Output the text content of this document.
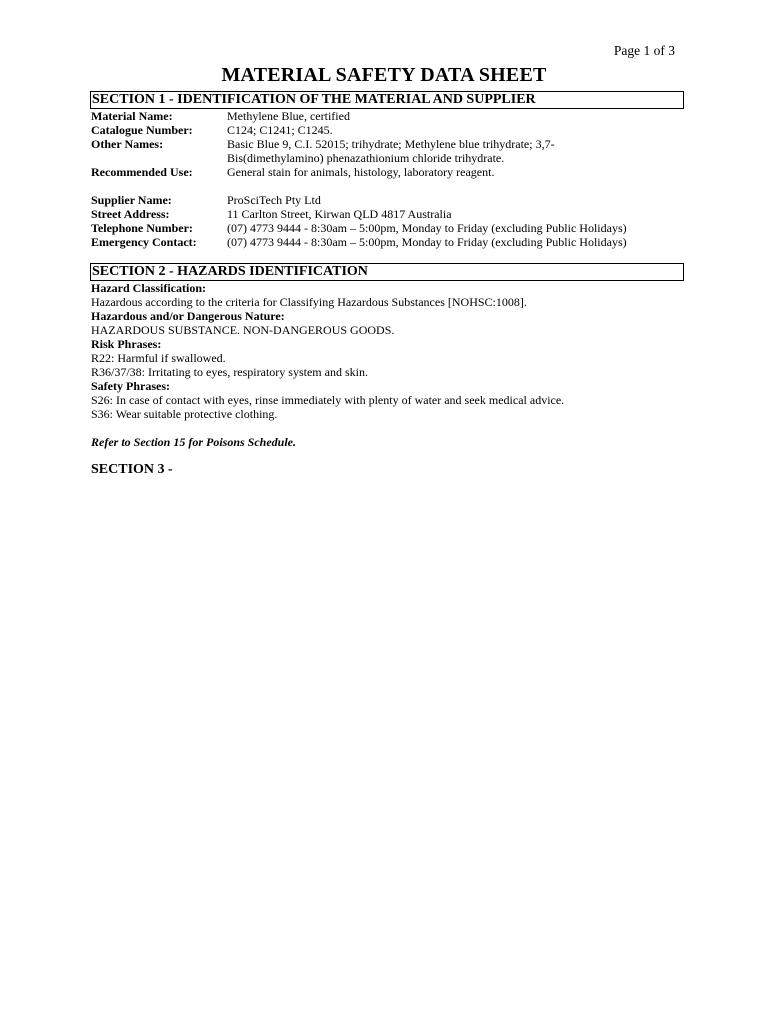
Page 1 of 3
MATERIAL SAFETY DATA SHEET
SECTION 1 - IDENTIFICATION OF THE MATERIAL AND SUPPLIER
Material Name:	Methylene Blue, certified
Catalogue Number:	C124; C1241; C1245.
Other Names:	Basic Blue 9, C.I. 52015; trihydrate; Methylene blue trihydrate; 3,7-
Bis(dimethylamino) phenazathionium chloride trihydrate.
Recommended Use:	General stain for animals, histology, laboratory reagent.
Supplier Name:	ProSciTech Pty Ltd
Street Address:	11 Carlton Street, Kirwan QLD 4817 Australia
Telephone Number:	(07) 4773 9444 - 8:30am – 5:00pm, Monday to Friday (excluding Public Holidays)
Emergency Contact:	(07) 4773 9444 - 8:30am – 5:00pm, Monday to Friday (excluding Public Holidays)
SECTION 2 - HAZARDS IDENTIFICATION
Hazard Classification:
Hazardous according to the criteria for Classifying Hazardous Substances [NOHSC:1008].
Hazardous and/or Dangerous Nature:
HAZARDOUS SUBSTANCE. NON-DANGEROUS GOODS.
Risk Phrases:
R22: Harmful if swallowed.
R36/37/38: Irritating to eyes, respiratory system and skin.
Safety Phrases:
S26: In case of contact with eyes, rinse immediately with plenty of water and seek medical advice.
S36: Wear suitable protective clothing.
Refer to Section 15 for Poisons Schedule.
SECTION 3 -
